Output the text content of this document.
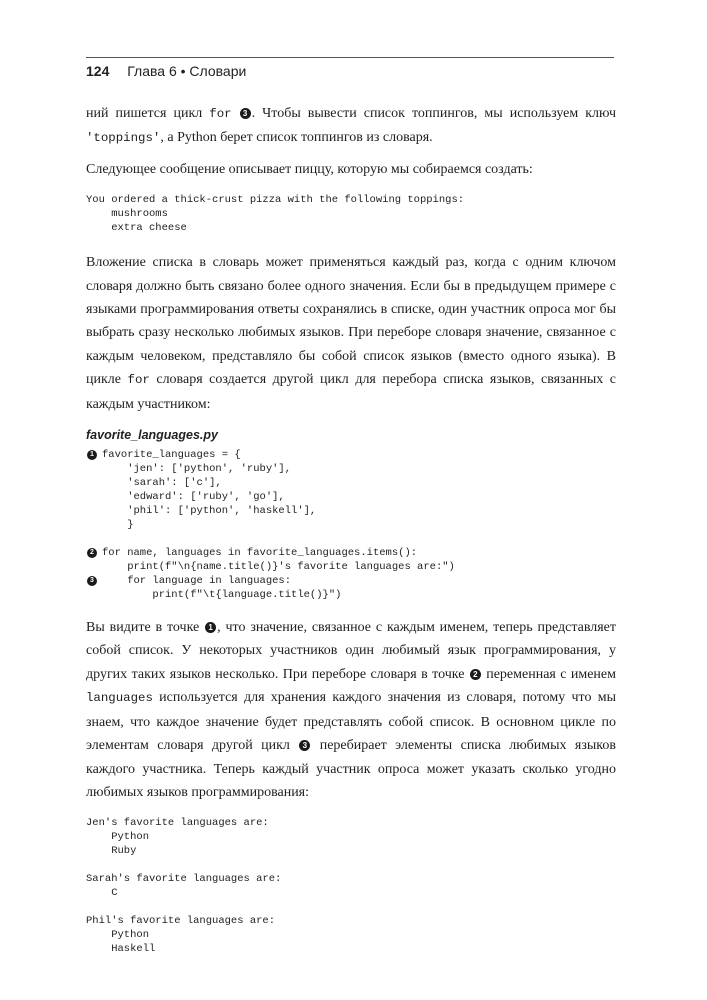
124 Глава 6 • Словари

ний пишется цикл for 3 . Чтобы вывести список топпингов, мы используем ключ 'toppings', а Python берет список топпингов из словаря.

Следующее сообщение описывает пиццу, которую мы собираемся создать:

You ordered a thick-crust pizza with the following toppings:
mushrooms
extra cheese

Вложение списка в словарь может применяться каждый раз, когда с одним ключом словаря должно быть связано более одного значения. Если бы в предыдущем примере с языками программирования ответы сохранялись в списке, один участник опроса мог бы выбрать сразу несколько любимых языков. При переборе словаря значение, связанное с каждым человеком, представляло бы собой список языков (вместо одного языка). В цикле for словаря создается другой цикл для перебора списка языков, связанных с каждым участником:

favorite_languages.py
1 favorite_languages = {
'jen': ['python', 'ruby'],
'sarah': ['c'],
'edward': ['ruby', 'go'],
'phil': ['python', 'haskell'],
}
2 for name, languages in favorite_languages.items():
print(f"\n{name.title()}'s favorite languages are:")
3 for language in languages:
print(f"\t{language.title()}")

Вы видите в точке 1 , что значение, связанное с каждым именем, теперь представляет собой список. У некоторых участников один любимый язык программирования, у других таких языков несколько. При переборе словаря в точке 2 переменная с именем languages используется для хранения каждого значения из словаря, потому что мы знаем, что каждое значение будет представлять собой список. В основном цикле по элементам словаря другой цикл 3 перебирает элементы списка любимых языков каждого участника. Теперь каждый участник опроса может указать сколько угодно любимых языков программирования:

Jen's favorite languages are:
Python
Ruby
Sarah's favorite languages are:
C
Phil's favorite languages are:
Python
Haskell
